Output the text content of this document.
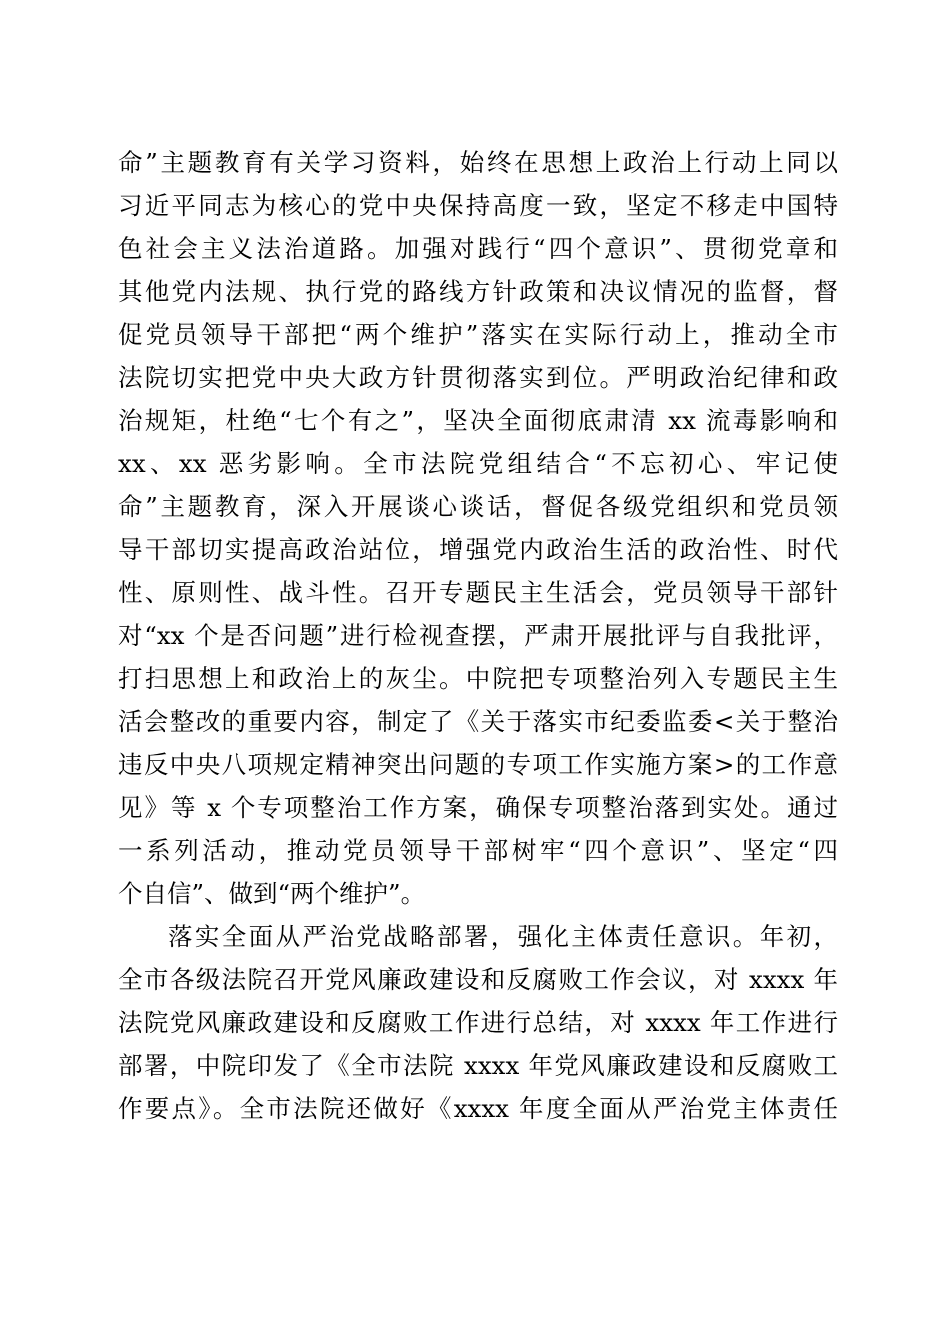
命”主题教育有关学习资料，始终在思想上政治上行动上同以
习近平同志为核心的党中央保持高度一致，坚定不移走中国特
色社会主义法治道路。加强对践行“四个意识”、贯彻党章和
其他党内法规、执行党的路线方针政策和决议情况的监督，督
促党员领导干部把“两个维护”落实在实际行动上，推动全市
法院切实把党中央大政方针贯彻落实到位。严明政治纪律和政
治规矩，杜绝“七个有之”，坚决全面彻底肃清 xx 流毒影响和
xx、xx 恶劣影响。全市法院党组结合“不忘初心、牢记使
命”主题教育，深入开展谈心谈话，督促各级党组织和党员领
导干部切实提高政治站位，增强党内政治生活的政治性、时代
性、原则性、战斗性。召开专题民主生活会，党员领导干部针
对“xx 个是否问题”进行检视查摆，严肃开展批评与自我批评，
打扫思想上和政治上的灰尘。中院把专项整治列入专题民主生
活会整改的重要内容，制定了《关于落实市纪委监委<关于整治
违反中央八项规定精神突出问题的专项工作实施方案>的工作意
见》等 x 个专项整治工作方案，确保专项整治落到实处。通过
一系列活动，推动党员领导干部树牢“四个意识”、坚定“四
个自信”、做到“两个维护”。
落实全面从严治党战略部署，强化主体责任意识。年初，
全市各级法院召开党风廉政建设和反腐败工作会议，对 xxxx 年
法院党风廉政建设和反腐败工作进行总结，对 xxxx 年工作进行
部署，中院印发了《全市法院 xxxx 年党风廉政建设和反腐败工
作要点》。全市法院还做好《xxxx 年度全面从严治党主体责任
